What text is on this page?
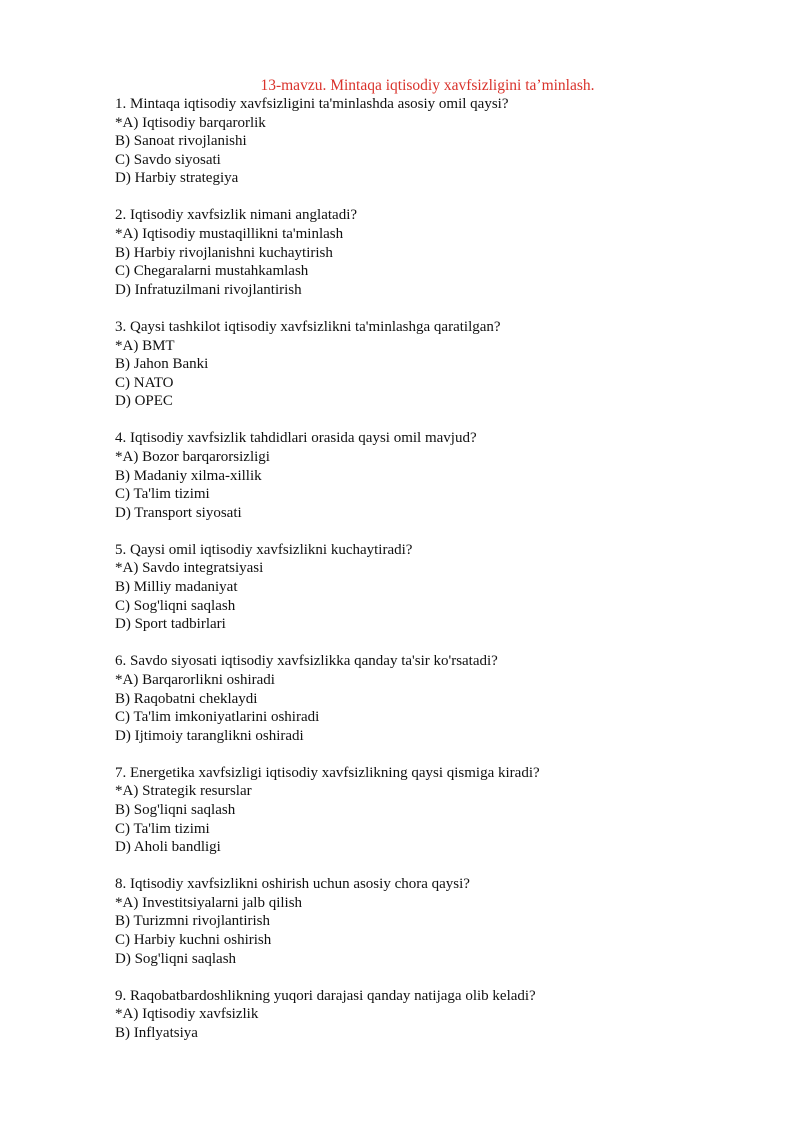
13-mavzu. Mintaqa iqtisodiy xavfsizligini ta’minlash.
1. Mintaqa iqtisodiy xavfsizligini ta'minlashda asosiy omil qaysi?
*A) Iqtisodiy barqarorlik
B) Sanoat rivojlanishi
C) Savdo siyosati
D) Harbiy strategiya
2. Iqtisodiy xavfsizlik nimani anglatadi?
*A) Iqtisodiy mustaqillikni ta'minlash
B) Harbiy rivojlanishni kuchaytirish
C) Chegaralarni mustahkamlash
D) Infratuzilmani rivojlantirish
3. Qaysi tashkilot iqtisodiy xavfsizlikni ta'minlashga qaratilgan?
*A) BMT
B) Jahon Banki
C) NATO
D) OPEC
4. Iqtisodiy xavfsizlik tahdidlari orasida qaysi omil mavjud?
*A) Bozor barqarorsizligi
B) Madaniy xilma-xillik
C) Ta'lim tizimi
D) Transport siyosati
5. Qaysi omil iqtisodiy xavfsizlikni kuchaytiradi?
*A) Savdo integratsiyasi
B) Milliy madaniyat
C) Sog'liqni saqlash
D) Sport tadbirlari
6. Savdo siyosati iqtisodiy xavfsizlikka qanday ta'sir ko'rsatadi?
*A) Barqarorlikni oshiradi
B) Raqobatni cheklaydi
C) Ta'lim imkoniyatlarini oshiradi
D) Ijtimoiy taranglikni oshiradi
7. Energetika xavfsizligi iqtisodiy xavfsizlikning qaysi qismiga kiradi?
*A) Strategik resurslar
B) Sog'liqni saqlash
C) Ta'lim tizimi
D) Aholi bandligi
8. Iqtisodiy xavfsizlikni oshirish uchun asosiy chora qaysi?
*A) Investitsiyalarni jalb qilish
B) Turizmni rivojlantirish
C) Harbiy kuchni oshirish
D) Sog'liqni saqlash
9. Raqobatbardoshlikning yuqori darajasi qanday natijaga olib keladi?
*A) Iqtisodiy xavfsizlik
B) Inflyatsiya
